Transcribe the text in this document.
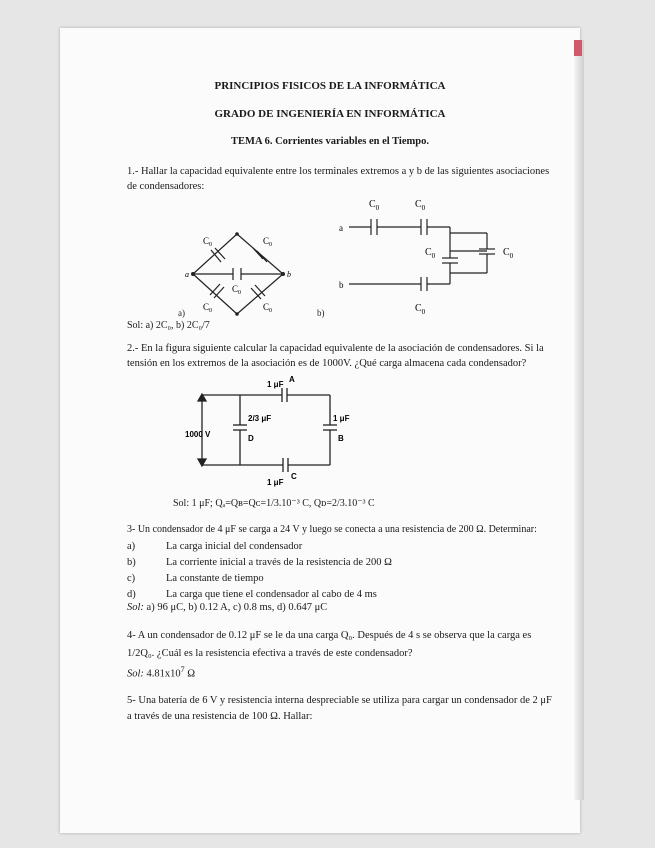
PRINCIPIOS FISICOS DE LA INFORMÁTICA
GRADO DE INGENIERÍA EN INFORMÁTICA
TEMA 6. Corrientes variables en el Tiempo.
1.- Hallar la capacidad equivalente entre los terminales extremos a y b de las siguientes asociaciones
de condensadores:
$C_0$	$C_0$
$C_0$
$C_0$	$C_0$
a	b
a)
$C_0$	$C_0$
$C_0$	$C_0$
$C_0$
a
b
b)
Sol: a) 2C₀, b) 2C₀/7
2.- En la figura siguiente calcular la capacidad equivalente de la asociación de condensadores. Si la
tensión en los extremos de la asociación es de 1000V. ¿Qué carga almacena cada condensador?
1 μF
A
2/3 μF
D
1 μF
B
1 μF
C
1000 V
Sol: 1 μF; Qₐ=Qʙ=Qᴄ=1/3.10⁻³ C, Qᴅ=2/3.10⁻³ C
3- Un condensador de 4 μF se carga a 24 V y luego se conecta a una resistencia de 200 Ω. Determinar:
a)	La carga inicial del condensador
b)	La corriente inicial a través de la resistencia de 200 Ω
c)	La constante de tiempo
d)	La carga que tiene el condensador al cabo de 4 ms
Sol: a) 96 μC, b) 0.12 A, c) 0.8 ms, d) 0.647 μC
4- A un condensador de 0.12 μF se le da una carga Q₀. Después de 4 s se observa que la carga es
1/2Q₀. ¿Cuál es la resistencia efectiva a través de este condensador?
Sol: $4.81x10^7$ Ω
5- Una batería de 6 V y resistencia interna despreciable se utiliza para cargar un condensador de 2 μF
a través de una resistencia de 100 Ω. Hallar:
